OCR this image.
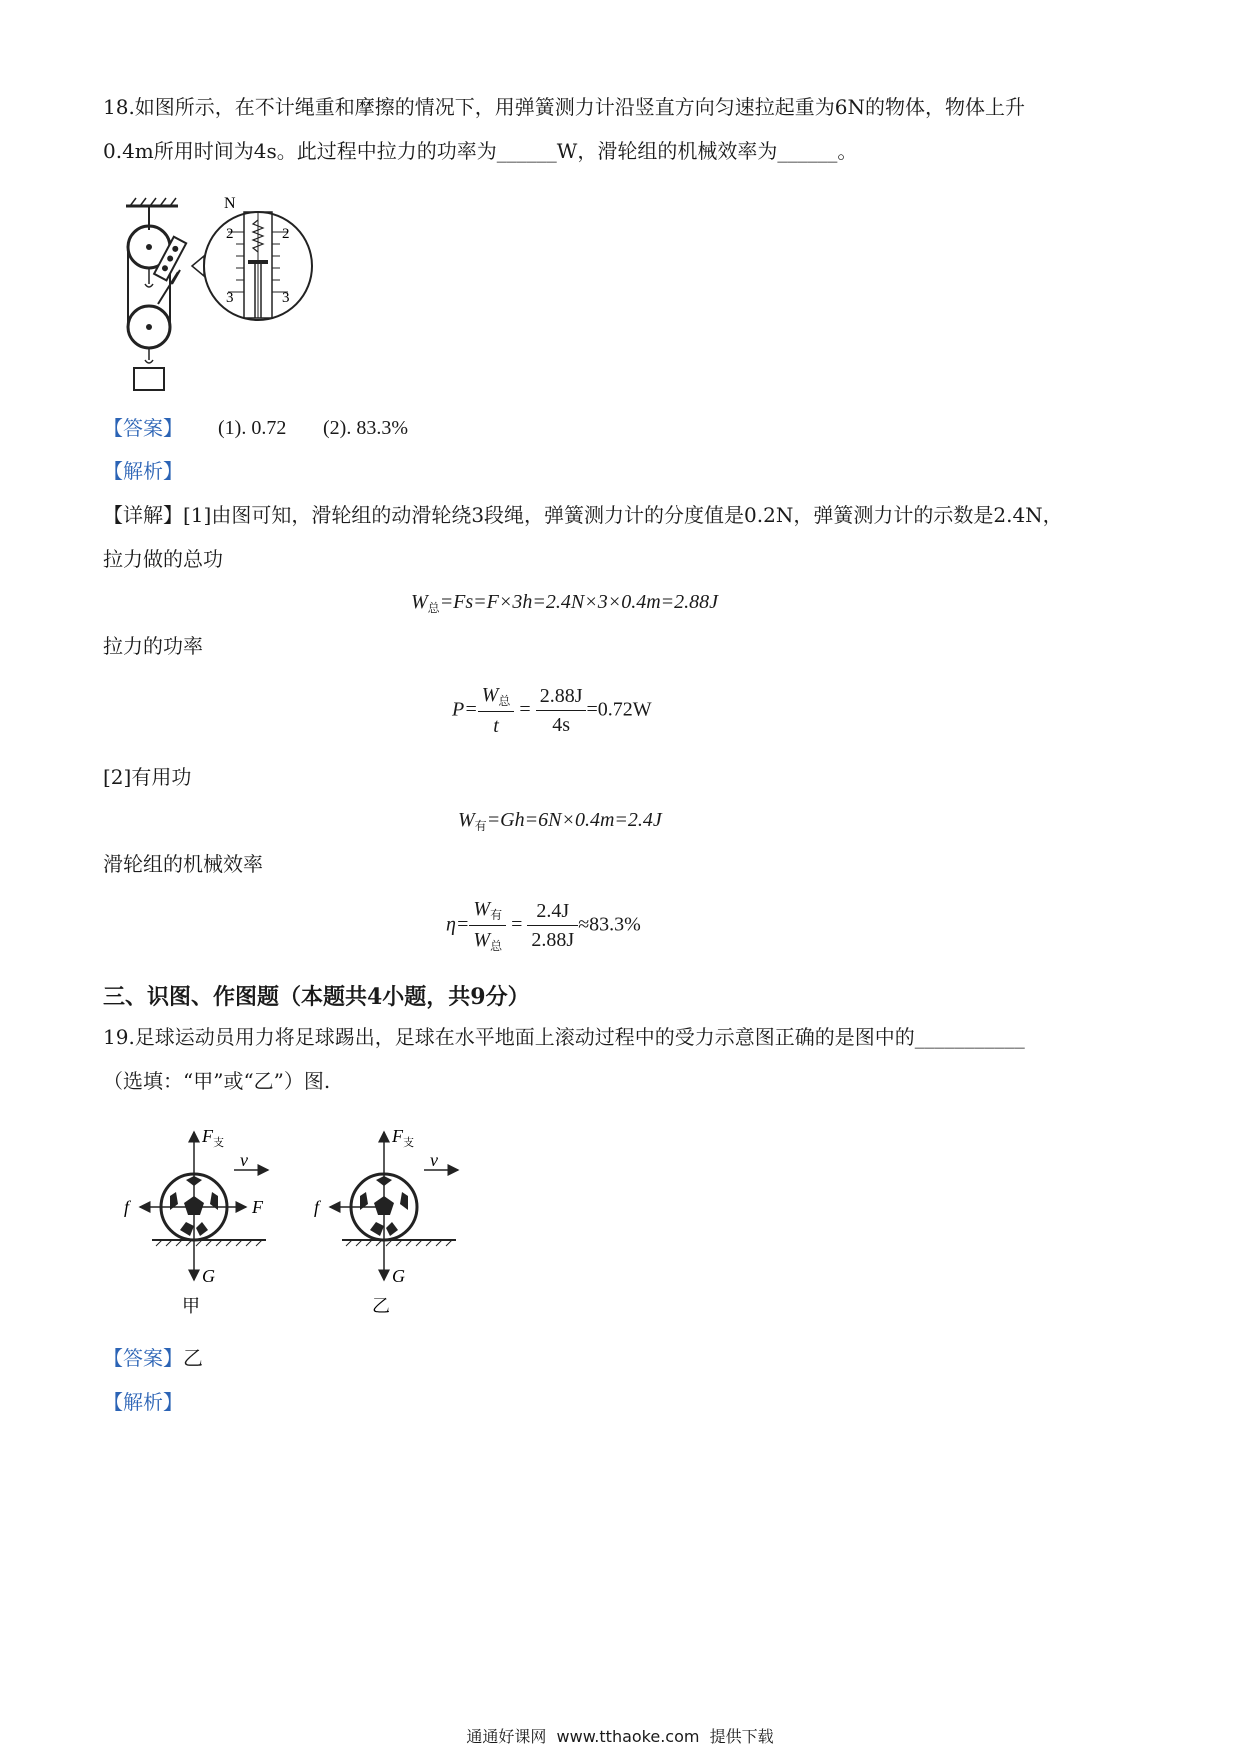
18.如图所示，在不计绳重和摩擦的情况下，用弹簧测力计沿竖直方向匀速拉起重为6N的物体，物体上升
0.4m所用时间为4s。此过程中拉力的功率为______W，滑轮组的机械效率为______。
N
2	2
3	3
【答案】 (1). 0.72 (2). 83.3%
【解析】
【详解】[1]由图可知，滑轮组的动滑轮绕3段绳，弹簧测力计的分度值是0.2N，弹簧测力计的示数是2.4N，
拉力做的总功
$W_总=Fs=F\times 3h=2.4N\times 3\times 0.4m=2.88J$
拉力的功率
$P= \frac{W_总}{t} = \frac{2.88J}{4s} =0.72W$
[2]有用功
$W_有=Gh=6N\times 0.4m=2.4J$
滑轮组的机械效率
$\eta= \frac{W_有}{W_总} = \frac{2.4J}{2.88J} \approx 83.3\%$
三、识图、作图题（本题共4小题，共9分）
19.足球运动员用力将足球踢出，足球在水平地面上滚动过程中的受力示意图正确的是图中的___________
（选填：“甲”或“乙”）图.
F 支
v
f	F
G
甲
F 支
v
f
G
乙
【答案】乙
【解析】
通通好课网  www.tthaoke.com  提供下载
